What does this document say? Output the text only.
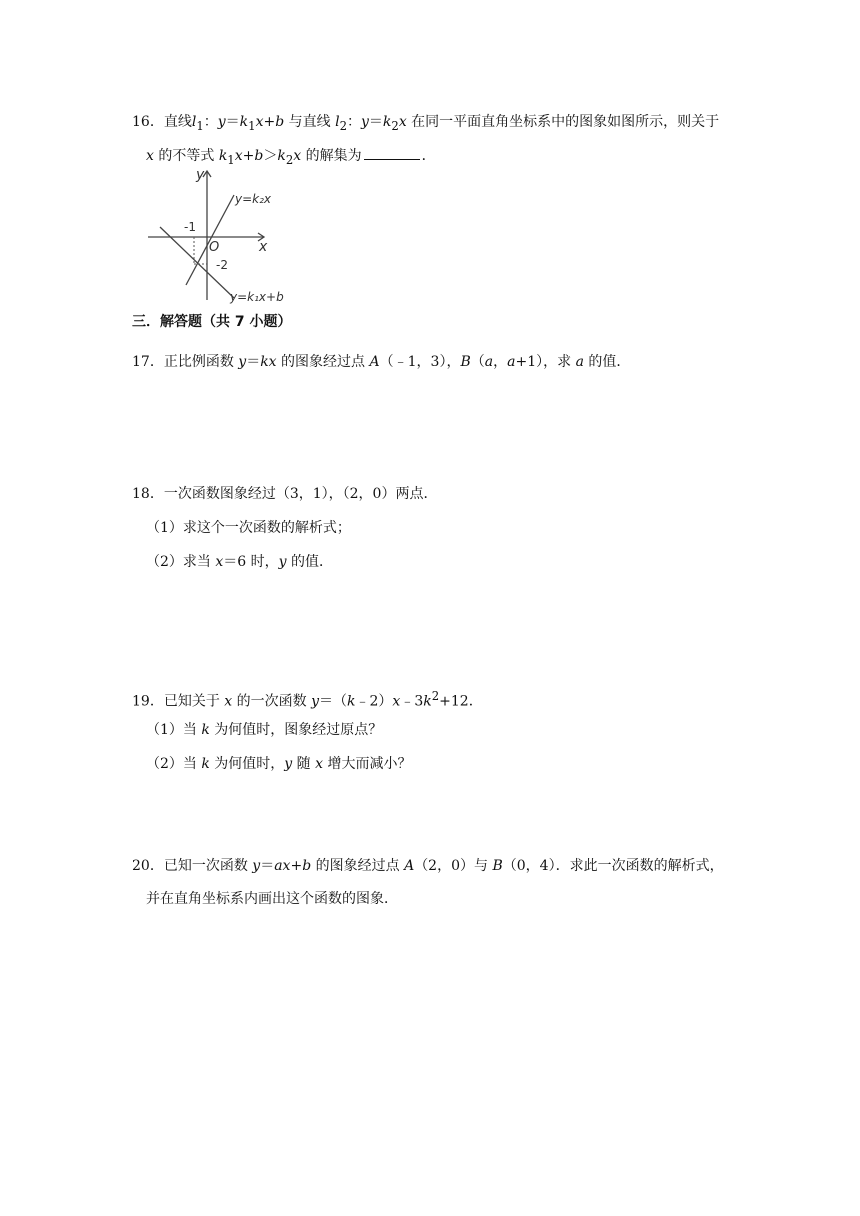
16．直线$l_1$：$y=k_1x+b$ 与直线 $l_2$：$y=k_2x$ 在同一平面直角坐标系中的图象如图所示，则关于
x 的不等式 $k_1x+b>k_2x$ 的解集为	．
y
x
O
-1
-2
y=k₂x
y=k₁x+b
三．解答题（共 7 小题）
17．正比例函数 y＝kx 的图象经过点 A（﹣1，3），B（a，a+1），求 a 的值．
18．一次函数图象经过（3，1），（2，0）两点．
（1）求这个一次函数的解析式；
（2）求当 x＝6 时，y 的值．
19．已知关于 x 的一次函数 $y=(k﹣2)x﹣3k^2+12$．
（1）当 k 为何值时，图象经过原点？
（2）当 k 为何值时，y 随 x 增大而减小？
20．已知一次函数 y＝ax+b 的图象经过点 A（2，0）与 B（0，4）．求此一次函数的解析式，
并在直角坐标系内画出这个函数的图象．
